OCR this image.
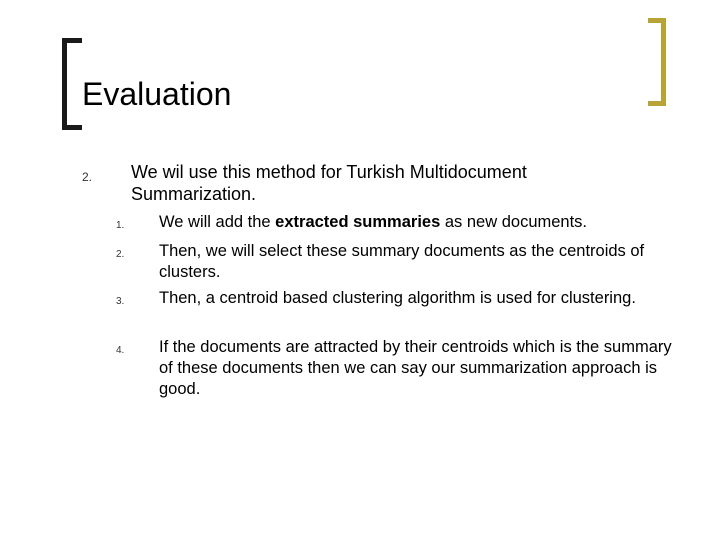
Evaluation
2. We wil use this method for Turkish Multidocument Summarization.
1. We will add the extracted summaries as new documents.
2. Then, we will select these summary documents as the centroids of clusters.
3. Then, a centroid based clustering algorithm is used for clustering.
4. If the documents are attracted by their centroids which is the summary of these documents then we can say our summarization approach is good.
